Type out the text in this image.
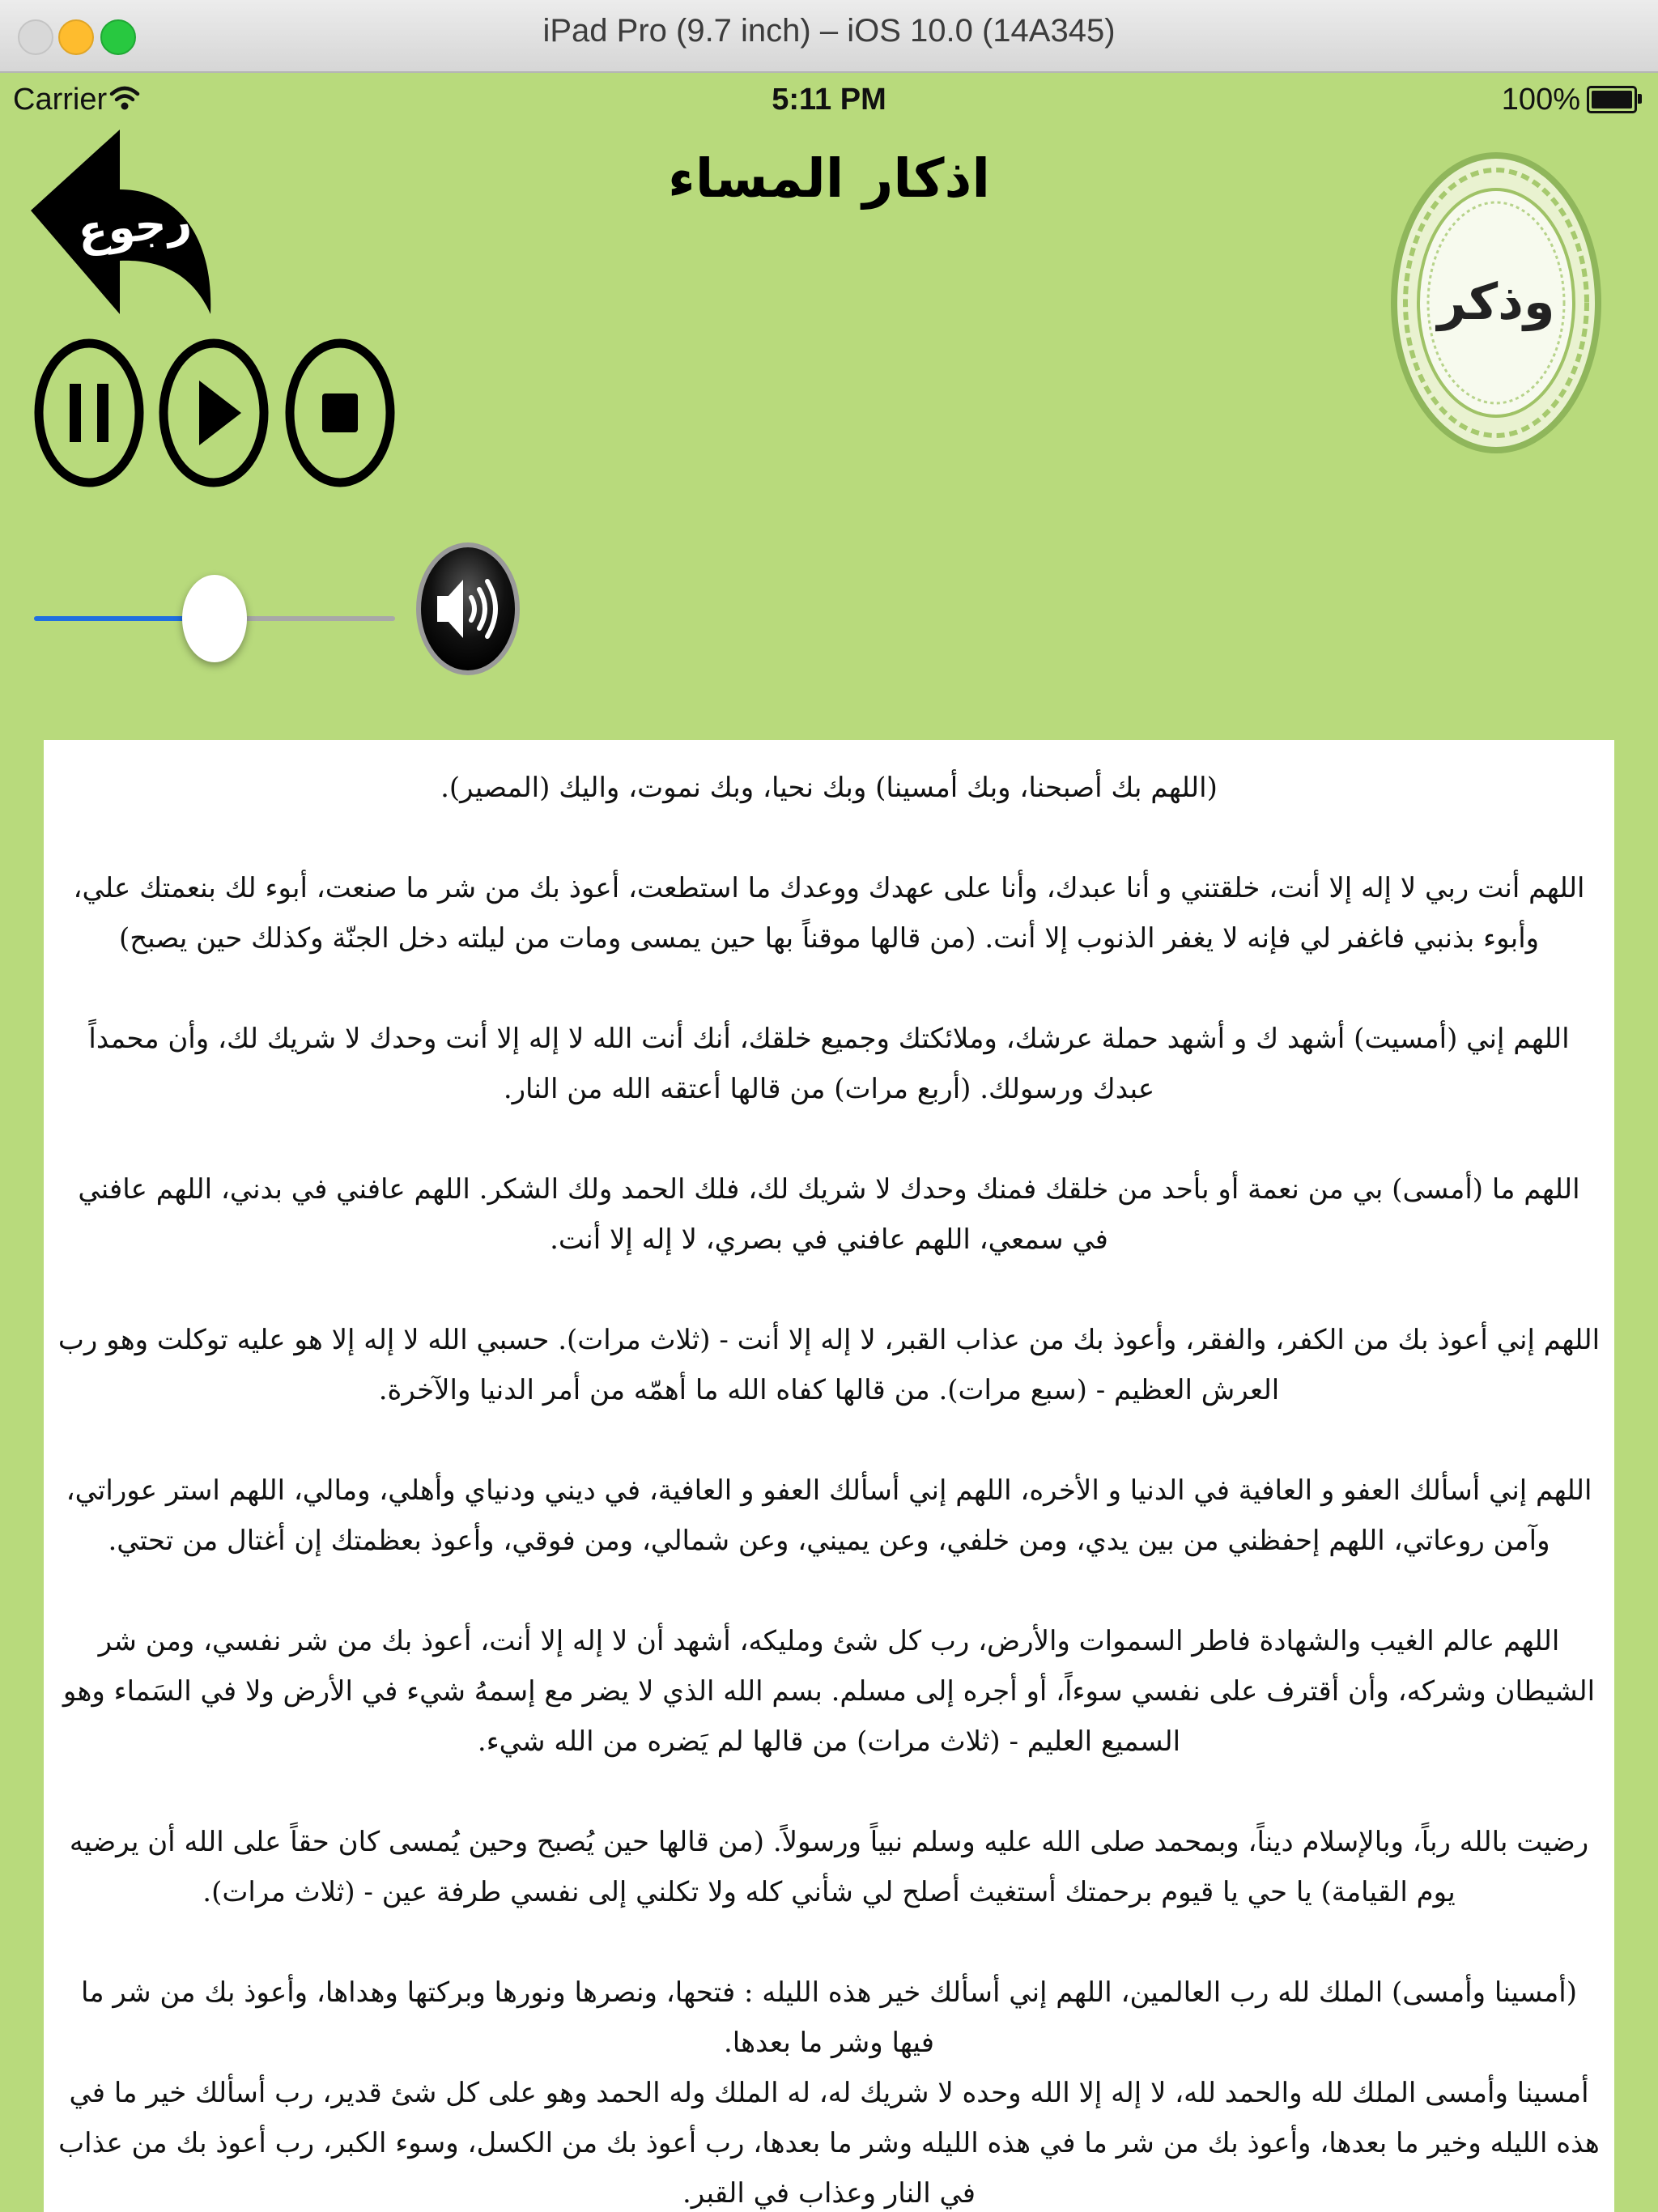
iPad Pro (9.7 inch) – iOS 10.0 (14A345)
Carrier	5:11 PM	100%
اذكار المساء
رجوع
وذكر

(اللهم بك أصبحنا، وبك أمسينا) وبك نحيا، وبك نموت، واليك (المصير).

اللهم أنت ربي لا إله إلا أنت، خلقتني و أنا عبدك، وأنا على عهدك ووعدك ما استطعت، أعوذ بك من شر ما صنعت، أبوء لك بنعمتك علي، وأبوء بذنبي فاغفر لي فإنه لا يغفر الذنوب إلا أنت. (من قالها موقناً بها حين يمسى ومات من ليلته دخل الجنّة وكذلك حين يصبح)

اللهم إني (أمسيت) أشهد ك و أشهد حملة عرشك، وملائكتك وجميع خلقك، أنك أنت الله لا إله إلا أنت وحدك لا شريك لك، وأن محمداً عبدك ورسولك. (أربع مرات) من قالها أعتقه الله من النار.

اللهم ما (أمسى) بي من نعمة أو بأحد من خلقك فمنك وحدك لا شريك لك، فلك الحمد ولك الشكر. اللهم عافني في بدني، اللهم عافني في سمعي، اللهم عافني في بصري، لا إله إلا أنت.

اللهم إني أعوذ بك من الكفر، والفقر، وأعوذ بك من عذاب القبر، لا إله إلا أنت - (ثلاث مرات). حسبي الله لا إله إلا هو عليه توكلت وهو رب العرش العظيم - (سبع مرات). من قالها كفاه الله ما أهمّه من أمر الدنيا والآخرة.

اللهم إني أسألك العفو و العافية في الدنيا و الأخره، اللهم إني أسألك العفو و العافية، في ديني ودنياي وأهلي، ومالي، اللهم استر عوراتي، وآمن روعاتي، اللهم إحفظني من بين يدي، ومن خلفي، وعن يميني، وعن شمالي، ومن فوقي، وأعوذ بعظمتك إن أغتال من تحتي.

اللهم عالم الغيب والشهادة فاطر السموات والأرض، رب كل شئ ومليكه، أشهد أن لا إله إلا أنت، أعوذ بك من شر نفسي، ومن شر الشيطان وشركه، وأن أقترف على نفسي سوءاً، أو أجره إلى مسلم. بسم الله الذي لا يضر مع إسمهُ شيء في الأرض ولا في السَماء وهو السميع العليم - (ثلاث مرات) من قالها لم يَضره من الله شيء.

رضيت بالله رباً، وبالإسلام ديناً، وبمحمد صلى الله عليه وسلم نبياً ورسولاً. (من قالها حين يُصبح وحين يُمسى كان حقاً على الله أن يرضيه يوم القيامة) يا حي يا قيوم برحمتك أستغيث أصلح لي شأني كله ولا تكلني إلى نفسي طرفة عين - (ثلاث مرات).

(أمسينا وأمسى) الملك لله رب العالمين، اللهم إني أسألك خير هذه الليله : فتحها، ونصرها ونورها وبركتها وهداها، وأعوذ بك من شر ما فيها وشر ما بعدها.

أمسينا وأمسى الملك لله والحمد لله، لا إله إلا الله وحده لا شريك له، له الملك وله الحمد وهو على كل شئ قدير، رب أسألك خير ما في هذه الليله وخير ما بعدها، وأعوذ بك من شر ما في هذه الليله وشر ما بعدها، رب أعوذ بك من الكسل، وسوء الكبر، رب أعوذ بك من عذاب في النار وعذاب في القبر.
